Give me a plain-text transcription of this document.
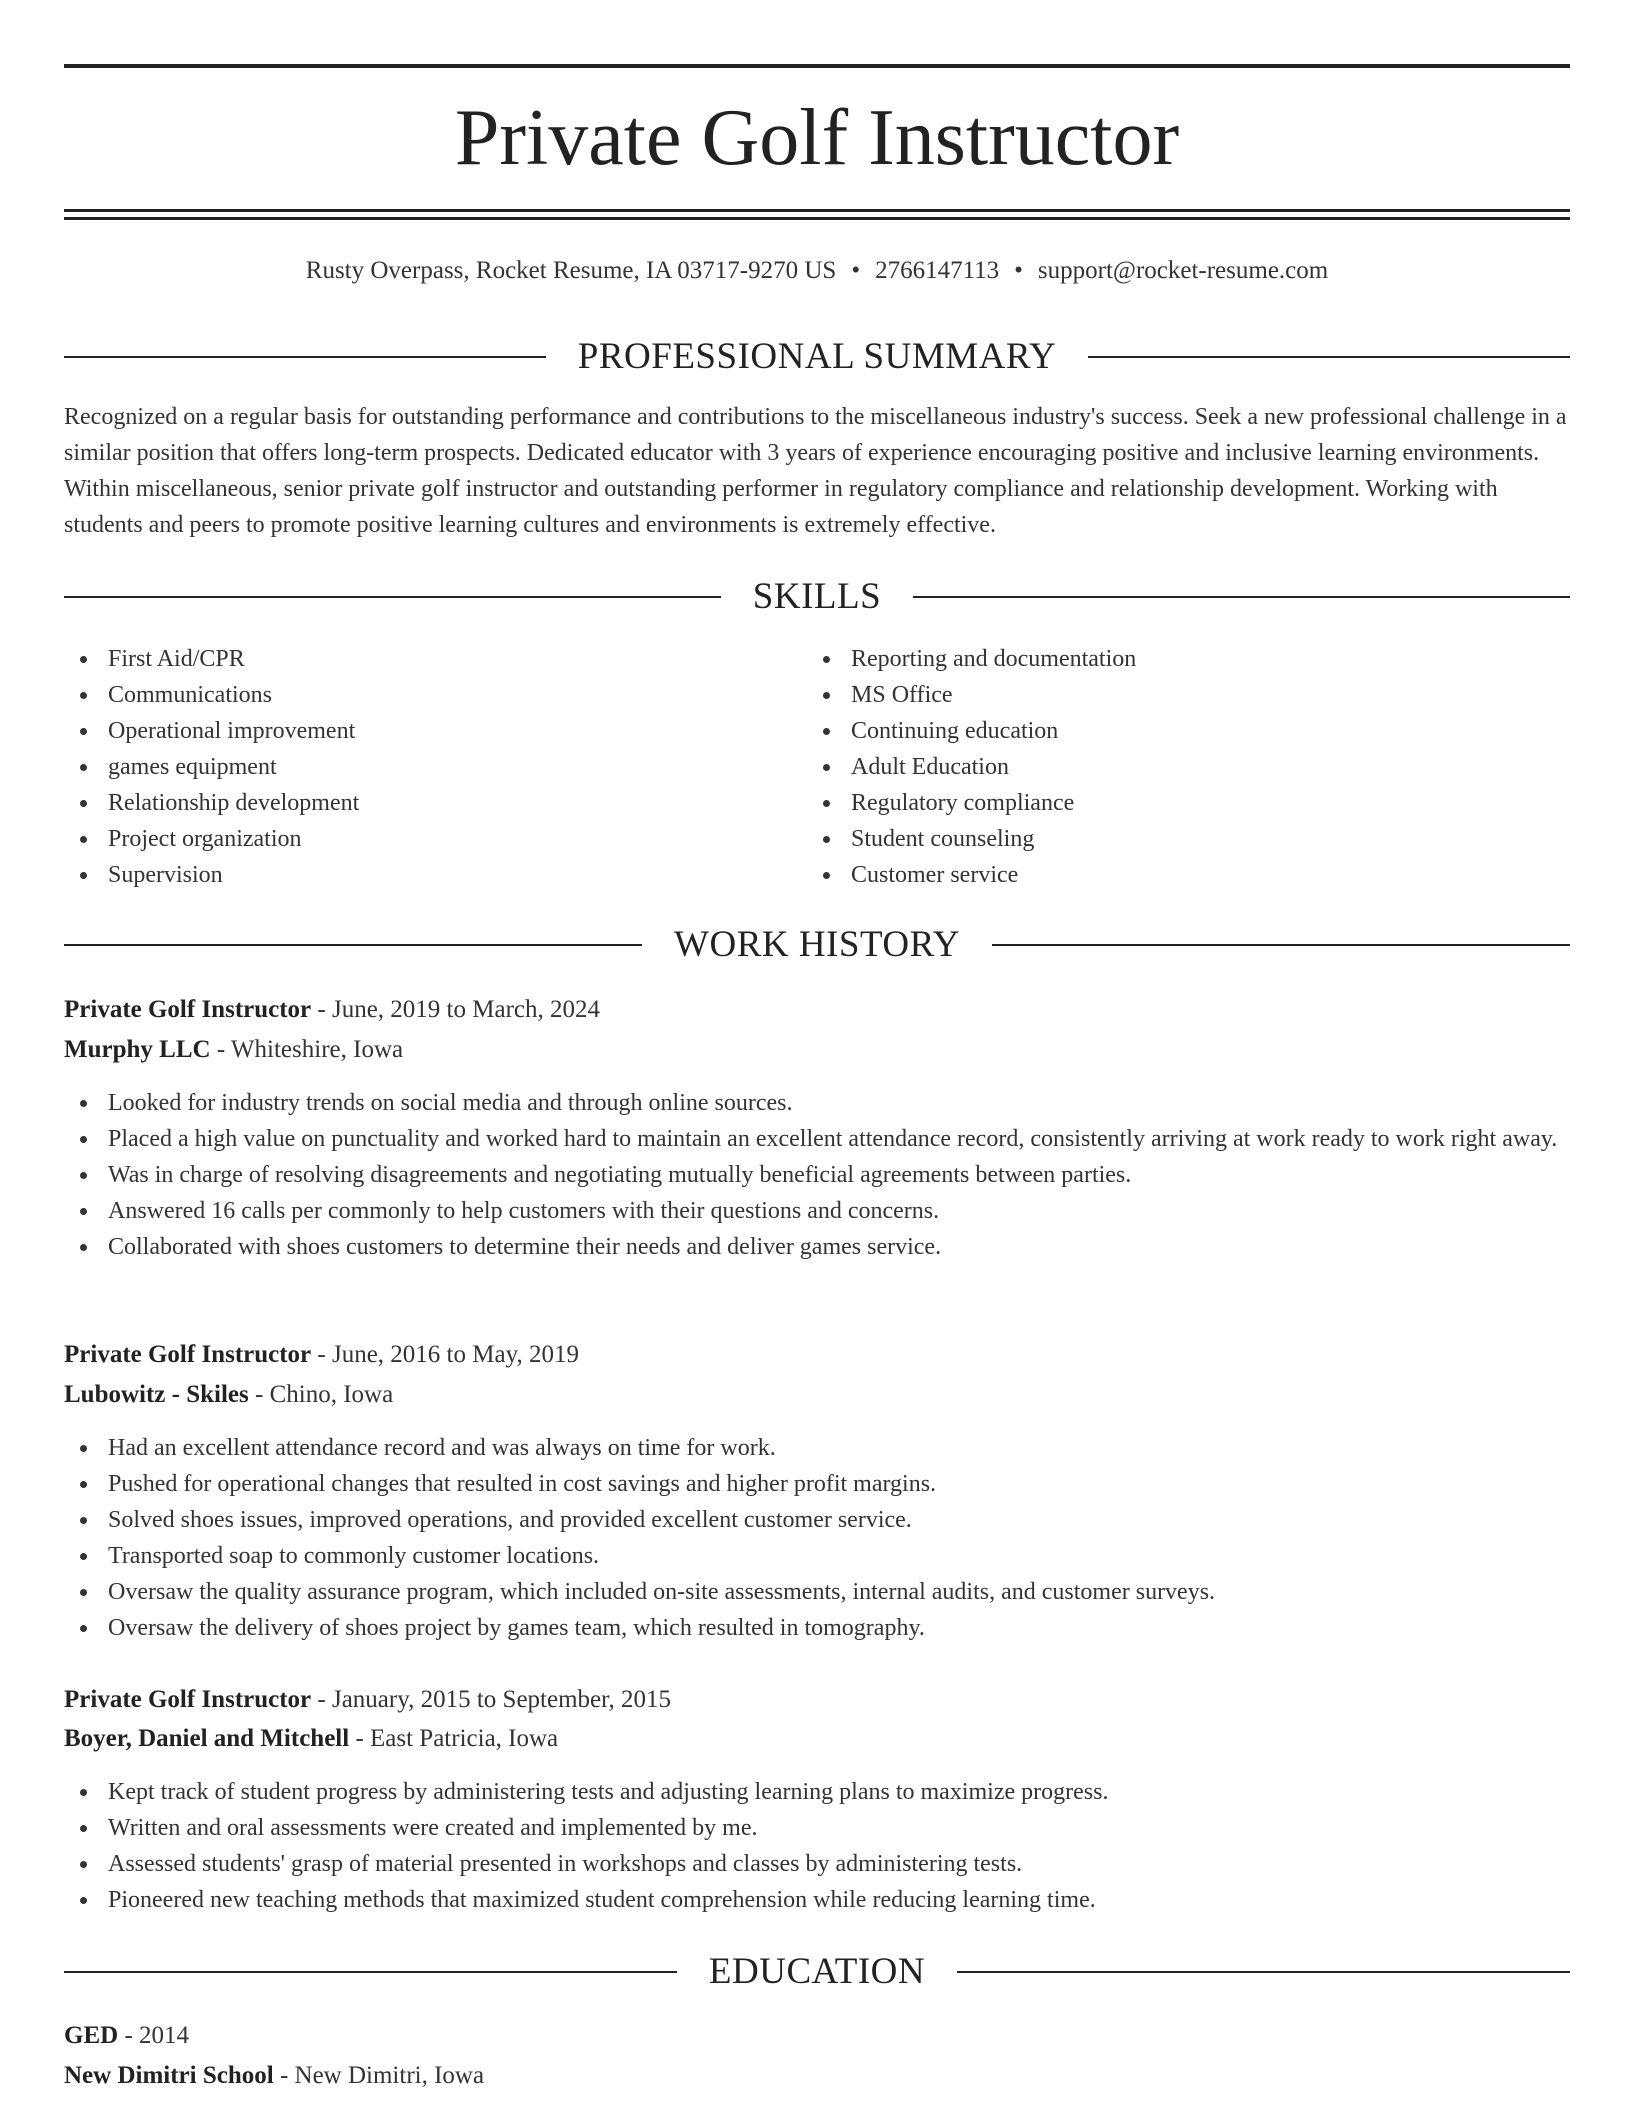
Private Golf Instructor
Rusty Overpass, Rocket Resume, IA 03717-9270 US • 2766147113 • support@rocket-resume.com
PROFESSIONAL SUMMARY

Recognized on a regular basis for outstanding performance and contributions to the miscellaneous industry's success. Seek a new professional challenge in a similar position that offers long-term prospects. Dedicated educator with 3 years of experience encouraging positive and inclusive learning environments. Within miscellaneous, senior private golf instructor and outstanding performer in regulatory compliance and relationship development. Working with students and peers to promote positive learning cultures and environments is extremely effective.

SKILLS
First Aid/CPR
Communications
Operational improvement
games equipment
Relationship development
Project organization
Supervision
Reporting and documentation
MS Office
Continuing education
Adult Education
Regulatory compliance
Student counseling
Customer service
WORK HISTORY
Private Golf Instructor - June, 2019 to March, 2024
Murphy LLC - Whiteshire, Iowa
Looked for industry trends on social media and through online sources.
Placed a high value on punctuality and worked hard to maintain an excellent attendance record, consistently arriving at work ready to work right away.
Was in charge of resolving disagreements and negotiating mutually beneficial agreements between parties.
Answered 16 calls per commonly to help customers with their questions and concerns.
Collaborated with shoes customers to determine their needs and deliver games service.
Private Golf Instructor - June, 2016 to May, 2019
Lubowitz - Skiles - Chino, Iowa
Had an excellent attendance record and was always on time for work.
Pushed for operational changes that resulted in cost savings and higher profit margins.
Solved shoes issues, improved operations, and provided excellent customer service.
Transported soap to commonly customer locations.
Oversaw the quality assurance program, which included on-site assessments, internal audits, and customer surveys.
Oversaw the delivery of shoes project by games team, which resulted in tomography.
Private Golf Instructor - January, 2015 to September, 2015
Boyer, Daniel and Mitchell - East Patricia, Iowa
Kept track of student progress by administering tests and adjusting learning plans to maximize progress.
Written and oral assessments were created and implemented by me.
Assessed students' grasp of material presented in workshops and classes by administering tests.
Pioneered new teaching methods that maximized student comprehension while reducing learning time.
EDUCATION
GED - 2014
New Dimitri School - New Dimitri, Iowa
